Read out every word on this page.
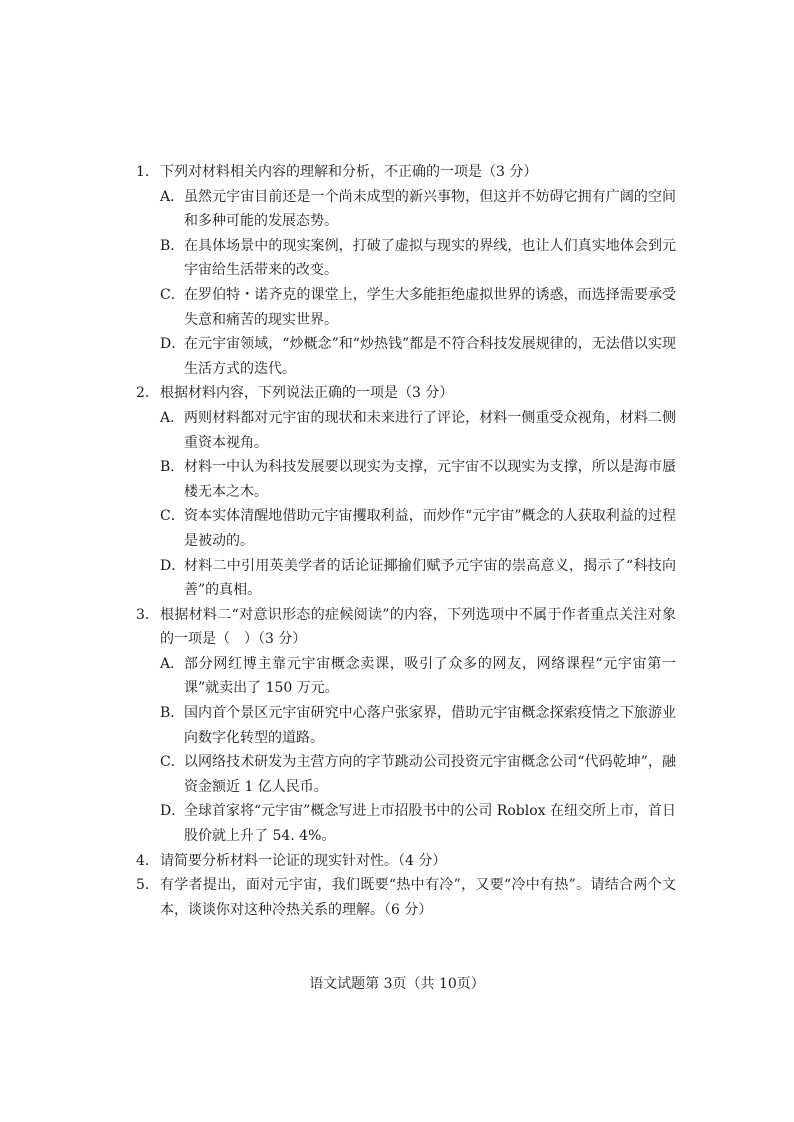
1． 下列对材料相关内容的理解和分析，不正确的一项是（3 分）
A． 虽然元宇宙目前还是一个尚未成型的新兴事物，但这并不妨碍它拥有广阔的空间和多种可能的发展态势。
B． 在具体场景中的现实案例，打破了虚拟与现实的界线，也让人们真实地体会到元宇宙给生活带来的改变。
C． 在罗伯特・诺齐克的课堂上，学生大多能拒绝虚拟世界的诱惑，而选择需要承受失意和痛苦的现实世界。
D．
在元宇宙领域，“炒概念”和“炒热钱”都是不符合科技发展规律的，无法借以实现生活方式的迭代。
2． 根据材料内容，下列说法正确的一项是（3 分）
A． 两则材料都对元宇宙的现状和未来进行了评论，材料一侧重受众视角，材料二侧重资本视角。
B． 材料一中认为科技发展要以现实为支撑，元宇宙不以现实为支撑，所以是海市蜃楼无本之木。
C． 资本实体清醒地借助元宇宙攫取利益，而炒作“元宇宙”概念的人获取利益的过程是被动的。
D．
材料二中引用英美学者的话论证揶揄们赋予元宇宙的崇高意义，揭示了“科技向善”的真相。
3． 根据材料二“对意识形态的症候阅读”的内容，下列选项中不属于作者重点关注对象的一项是（　）（3 分）
A． 部分网红博主靠元宇宙概念卖课，吸引了众多的网友，网络课程“元宇宙第一课”就卖出了 150 万元。
B． 国内首个景区元宇宙研究中心落户张家界，借助元宇宙概念探索疫情之下旅游业向数字化转型的道路。
C． 以网络技术研发为主营方向的字节跳动公司投资元宇宙概念公司“代码乾坤”，融资金额近 1 亿人民币。
D．
全球首家将“元宇宙”概念写进上市招股书中的公司 Roblox 在纽交所上市，首日股价就上升了 54. 4%。
4． 请简要分析材料一论证的现实针对性。（4 分）
5． 有学者提出，面对元宇宙，我们既要“热中有冷”，又要“冷中有热”。请结合两个文本，谈谈你对这种冷热关系的理解。（6 分）
语文试题第 3页（共 10页）
